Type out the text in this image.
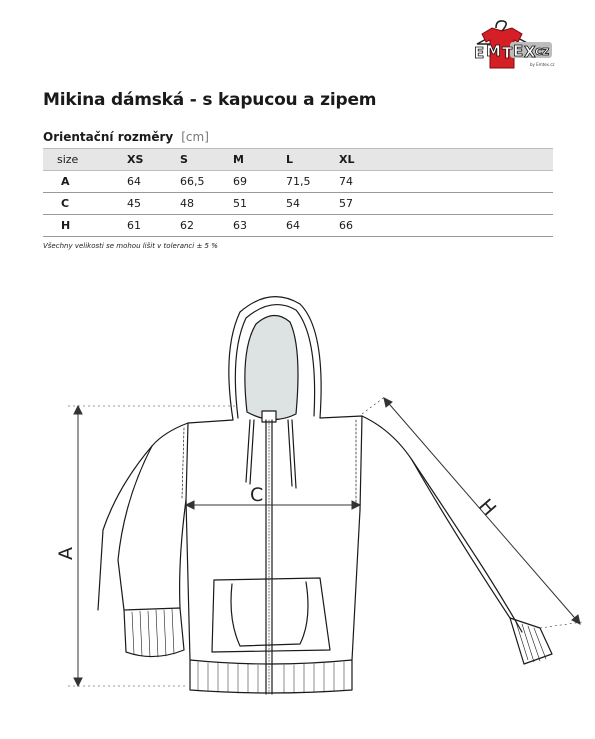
E M T E X cz
by Emtex.cz
Mikina dámská - s kapucou a zipem
Orientační rozměry [cm]
size	XS	S	M	L	XL	
A	64	66,5	69	71,5	74	
C	45	48	51	54	57	
H	61	62	63	64	66	
Všechny velikosti se mohou lišit v toleranci ± 5 %
A
C	H
